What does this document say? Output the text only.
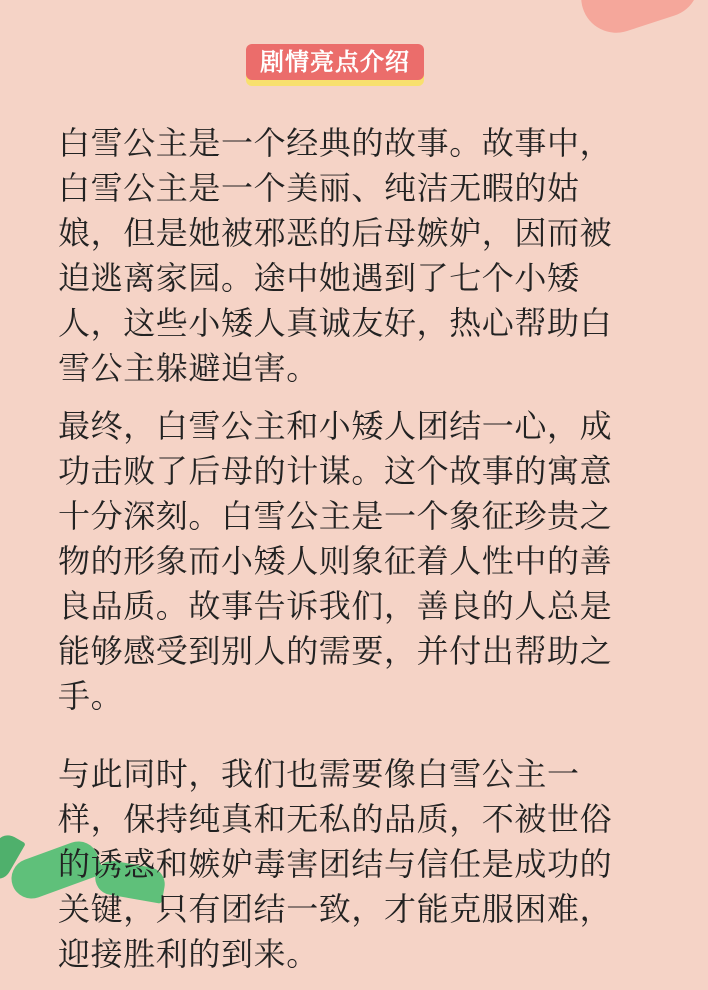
剧情亮点介绍

白雪公主是一个经典的故事。故事中，白雪公主是一个美丽、纯洁无暇的姑娘，但是她被邪恶的后母嫉妒，因而被迫逃离家园。途中她遇到了七个小矮人，这些小矮人真诚友好，热心帮助白雪公主躲避迫害。

最终，白雪公主和小矮人团结一心，成功击败了后母的计谋。这个故事的寓意十分深刻。白雪公主是一个象征珍贵之物的形象而小矮人则象征着人性中的善良品质。故事告诉我们，善良的人总是能够感受到别人的需要，并付出帮助之手。

与此同时，我们也需要像白雪公主一样，保持纯真和无私的品质，不被世俗的诱惑和嫉妒毒害团结与信任是成功的关键，只有团结一致，才能克服困难，迎接胜利的到来。
